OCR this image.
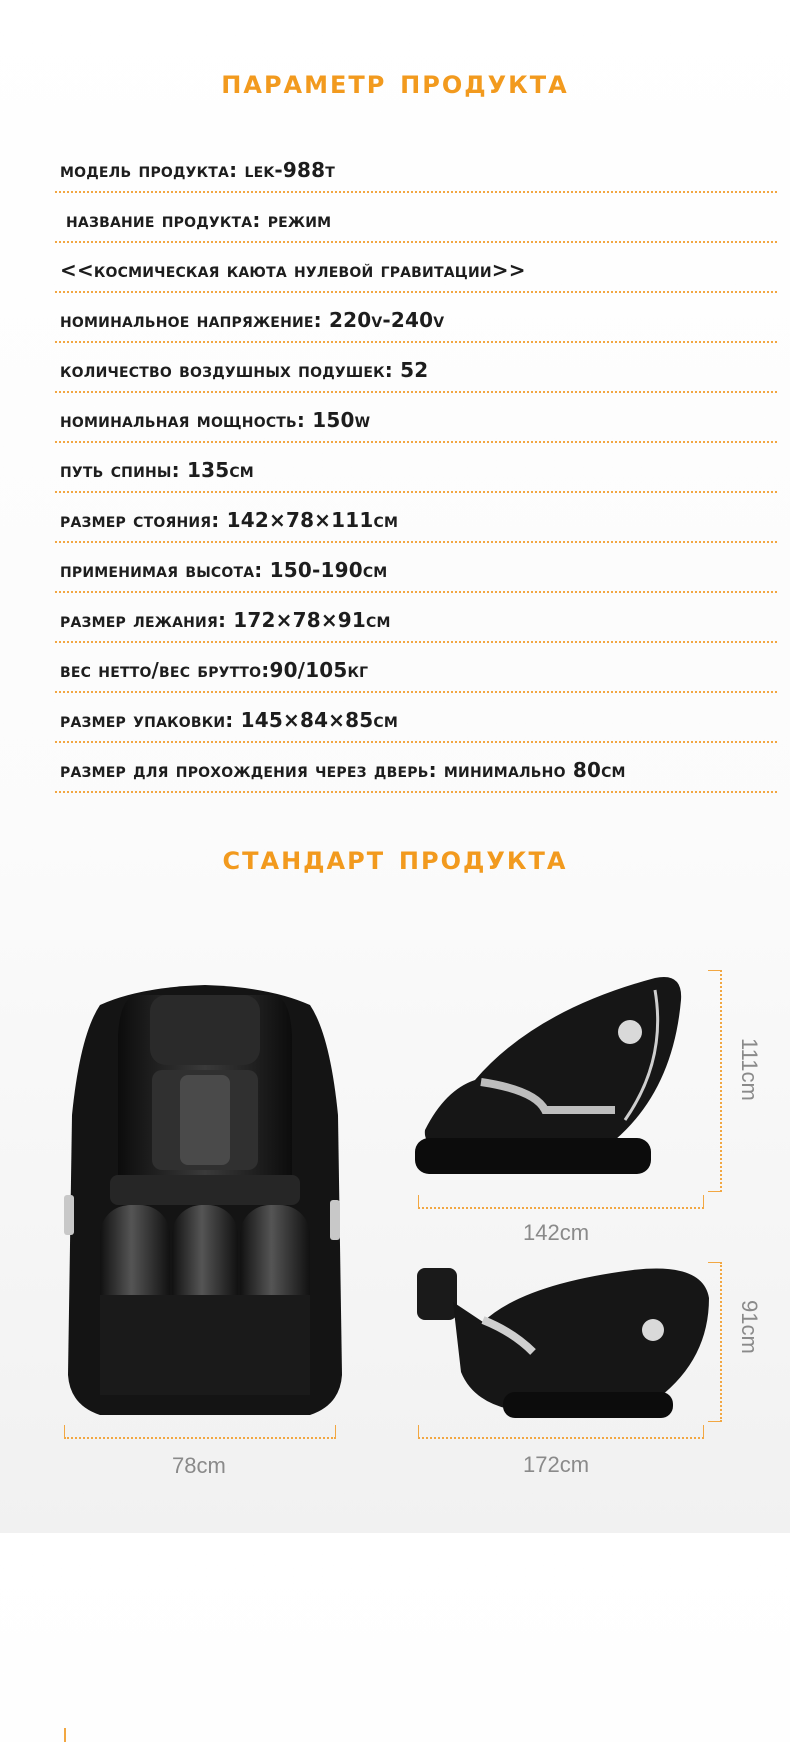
параметр продукта
модель продукта: lek-988t
название продукта: режим
<<космическая каюта нулевой гравитации>>
номинальное напряжение: 220v-240v
количество воздушных подушек: 52
номинальная мощность: 150w
путь спины: 135cm
размер стояния: 142×78×111cm
применимая высота: 150-190cm
размер лежания: 172×78×91cm
вес нетто/вес брутто:90/105кг
размер упаковки: 145×84×85cm
размер для прохождения через дверь: минимально 80cm
стандарт продукта
78cm
142cm
111cm
172cm
91cm
